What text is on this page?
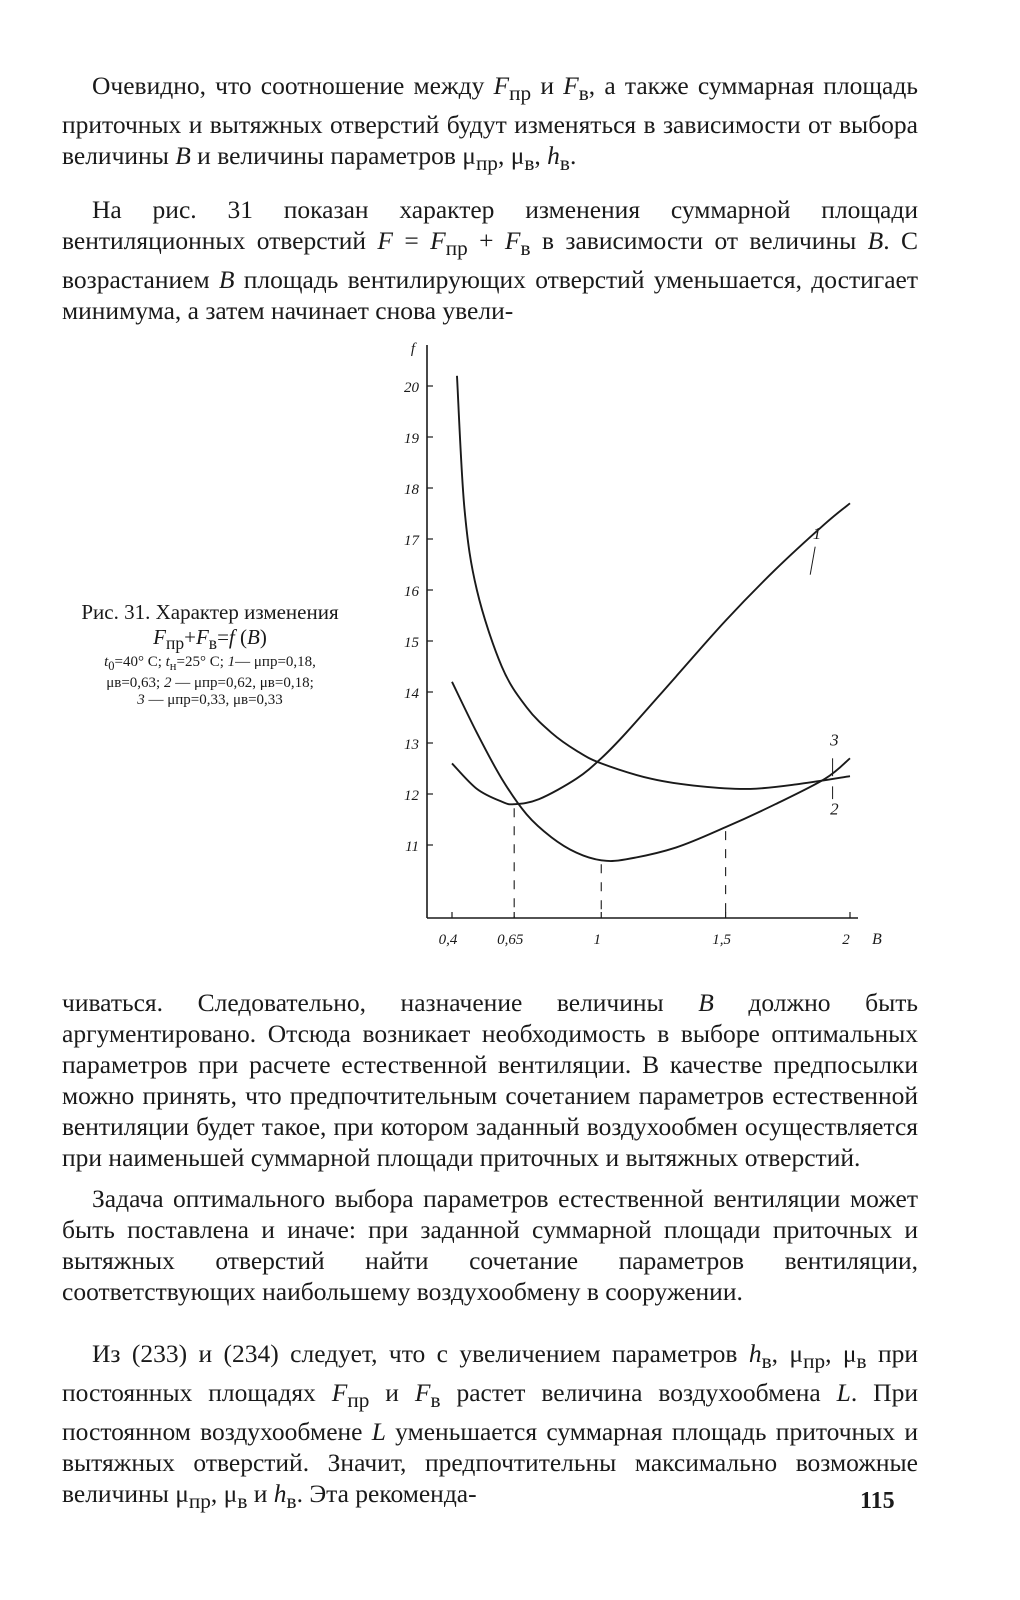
Очевидно, что соотношение между $F_{пр}$ и $F_в$, а также суммарная площадь приточных и вытяжных отверстий будут изменяться в зависимости от выбора величины В и величины параметров $\mu_{пр}$, $\mu_в$, $h_в$.

На рис. 31 показан характер изменения суммарной площади вентиляционных отверстий $F = F_{пр} + F_в$ в зависимости от величины В. С возрастанием В площадь вентилирующих отверстий уменьшается, достигает минимума, а затем начинает снова увели-

11
12
13
14
15
16
17
18
19
20
f
0,4	0,65	1	1,5	2 B
1
2
3
Рис. 31. Характер изменения
$F_{пр}+F_в=f$ (В)
$t_0=40^\circ$ С; $t_н=25^\circ$ С; 1— μпр=0,18,
μв=0,63; 2 — μпр=0,62, μв=0,18;
3 — μпр=0,33, μв=0,33

чиваться. Следовательно, назначение величины В должно быть аргументировано. Отсюда возникает необходимость в выборе оптимальных параметров при расчете естественной вентиляции. В качестве предпосылки можно принять, что предпочтительным сочетанием параметров естественной вентиляции будет такое, при котором заданный воздухообмен осуществляется при наименьшей суммарной площади приточных и вытяжных отверстий.

Задача оптимального выбора параметров естественной вентиляции может быть поставлена и иначе: при заданной суммарной площади приточных и вытяжных отверстий найти сочетание параметров вентиляции, соответствующих наибольшему воздухообмену в сооружении.

Из (233) и (234) следует, что с увеличением параметров $h_в$, $\mu_{пр}$, $\mu_в$ при постоянных площадях $F_{пр}$ и $F_в$ растет величина воздухообмена L. При постоянном воздухообмене L уменьшается суммарная площадь приточных и вытяжных отверстий. Значит, предпочтительны максимально возможные величины $\mu_{пр}$, $\mu_в$ и $h_в$. Эта рекоменда-	115
